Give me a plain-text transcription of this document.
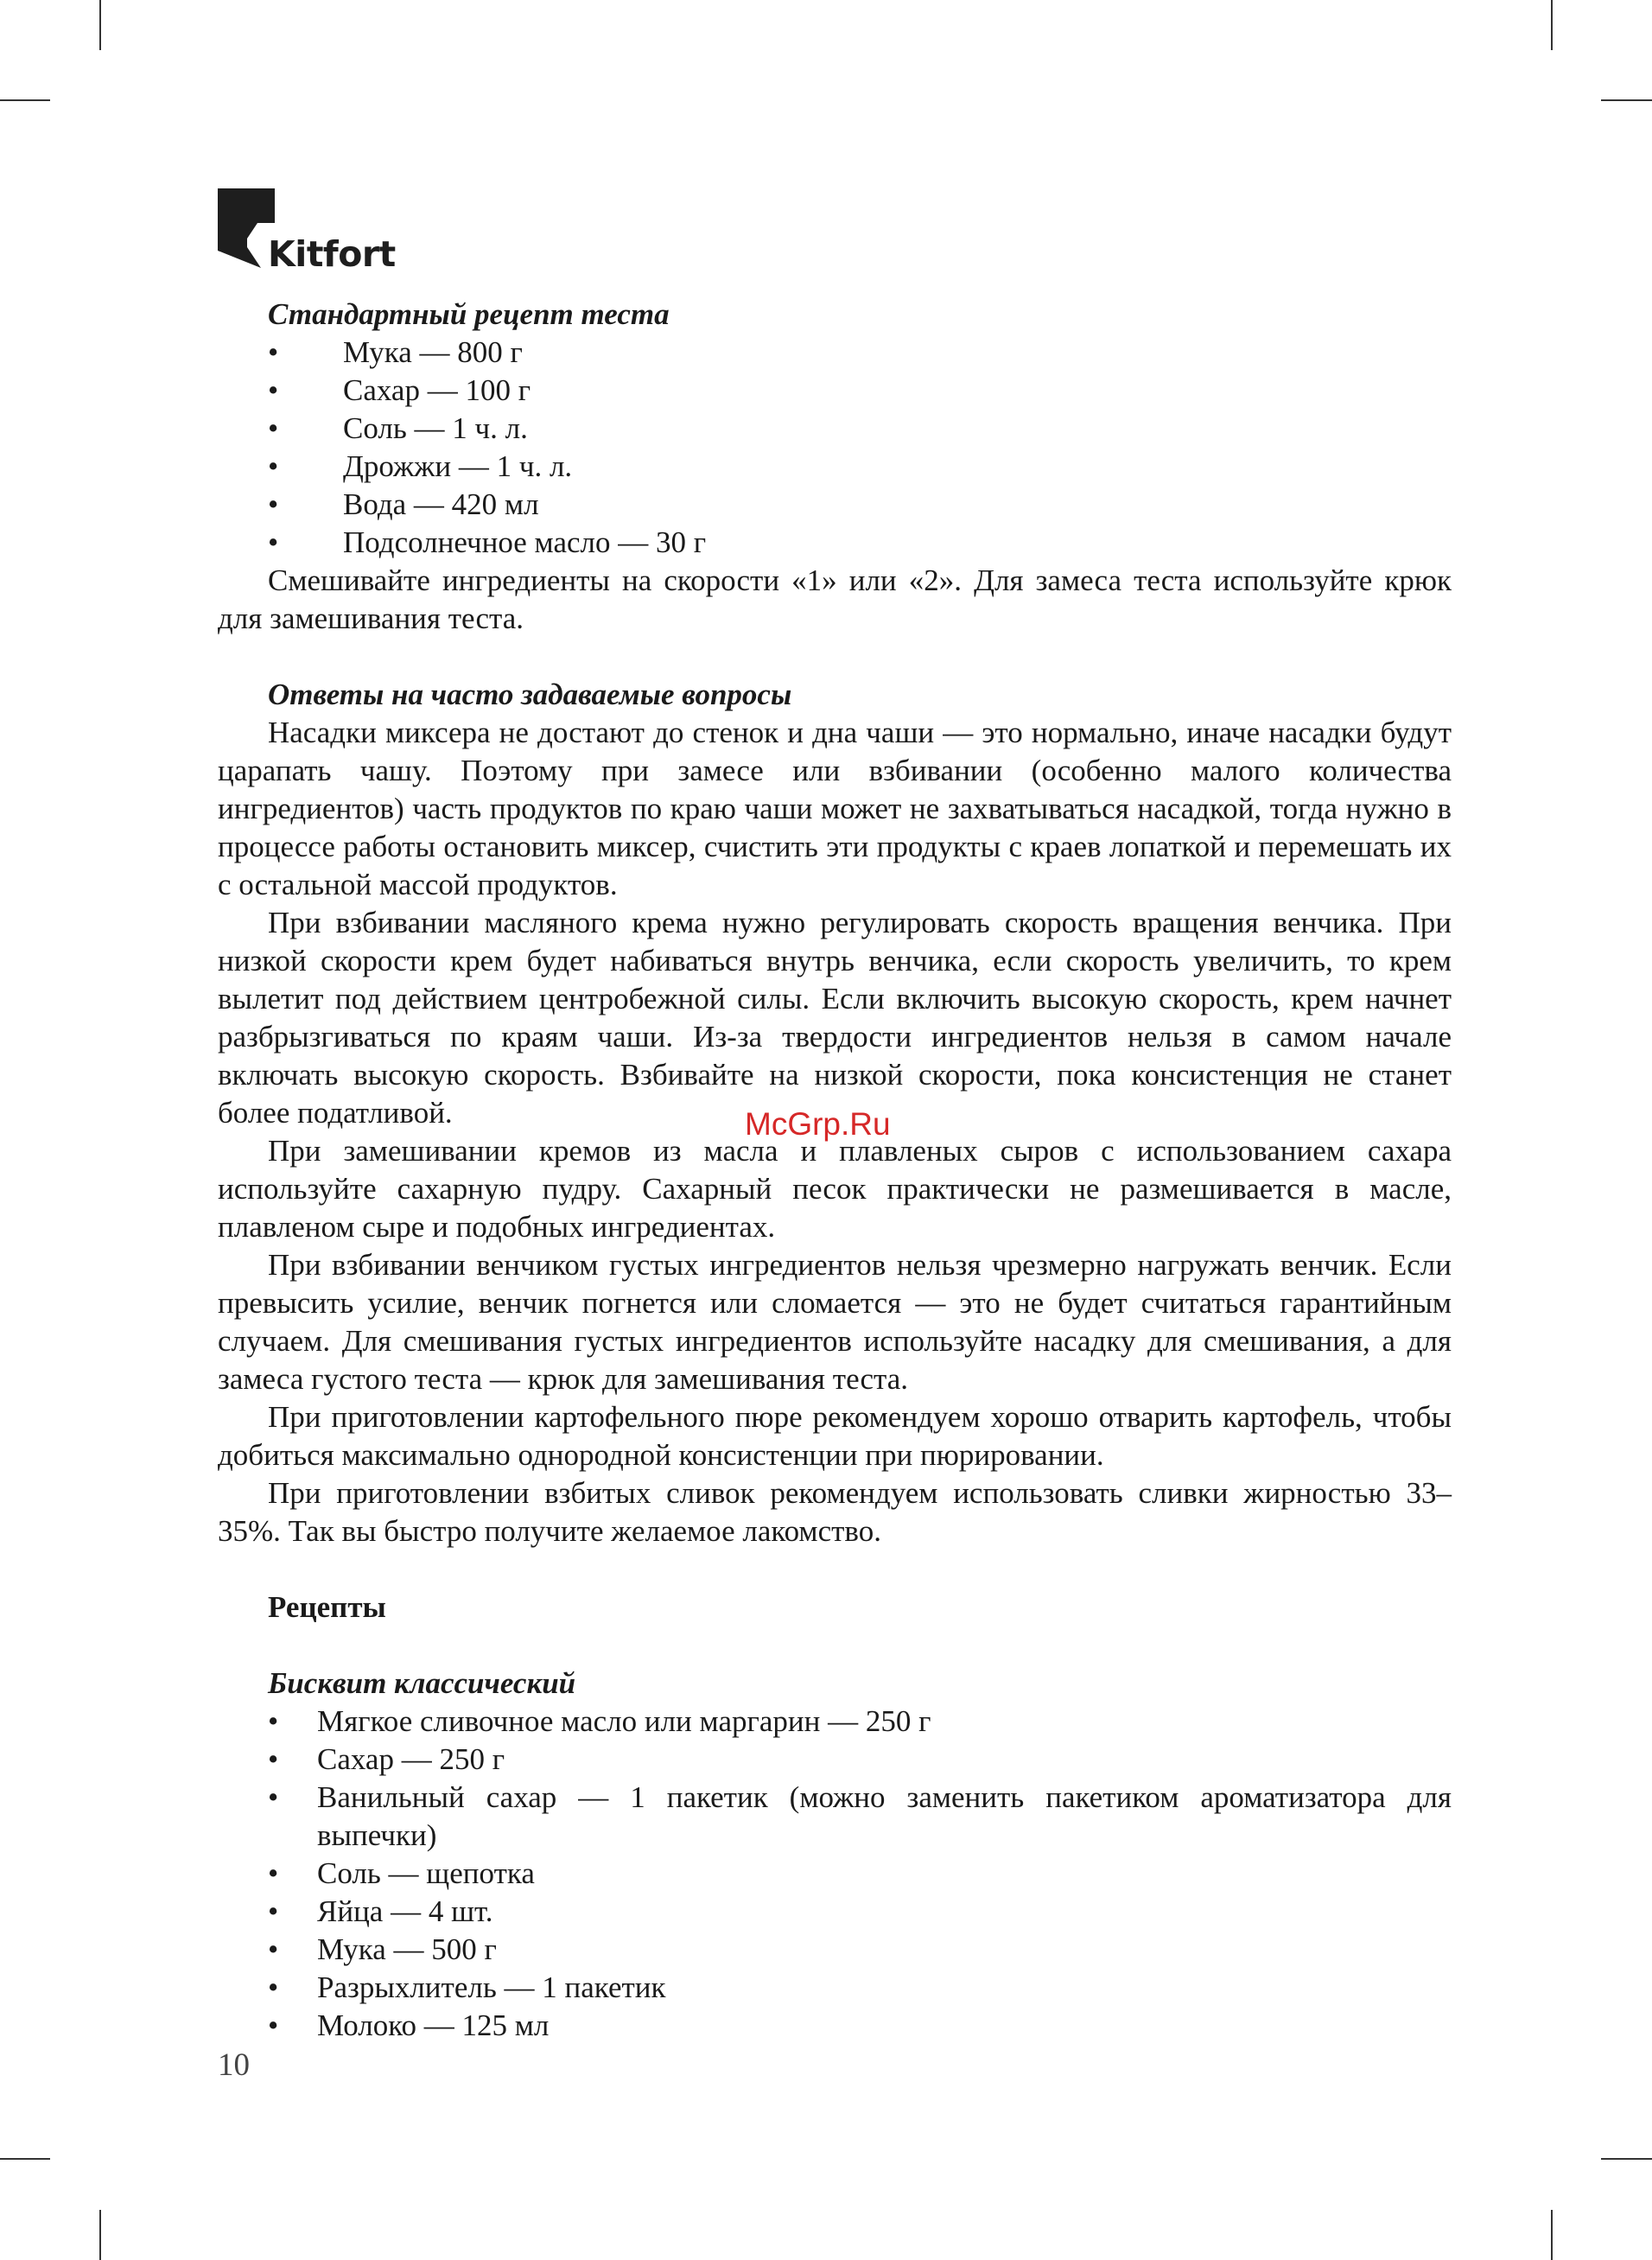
Kitfort
Стандартный рецепт теста
• Мука — 800 г
• Сахар — 100 г
• Соль — 1 ч. л.
• Дрожжи — 1 ч. л.
• Вода — 420 мл
• Подсолнечное масло — 30 г

Смешивайте ингредиенты на скорости «1» или «2». Для замеса теста используйте крюк для замешивания теста.

Ответы на часто задаваемые вопросы

Насадки миксера не достают до стенок и дна чаши — это нормально, иначе насадки будут царапать чашу. Поэтому при замесе или взбивании (особенно малого количества ингредиентов) часть продуктов по краю чаши может не захватываться насадкой, тогда нужно в процессе работы остановить миксер, счистить эти продукты с краев лопаткой и перемешать их с остальной массой продуктов.

При взбивании масляного крема нужно регулировать скорость вращения венчика. При низкой скорости крем будет набиваться внутрь венчика, если скорость увеличить, то крем вылетит под действием центробежной силы. Если включить высокую скорость, крем начнет разбрызгиваться по краям чаши. Из-за твердости ингредиентов нельзя в самом начале включать высокую скорость. Взбивайте на низкой скорости, пока консистенция не станет более податливой.

При замешивании кремов из масла и плавленых сыров с использованием сахара используйте сахарную пудру. Сахарный песок практически не размешивается в масле, плавленом сыре и подобных ингредиентах.

При взбивании венчиком густых ингредиентов нельзя чрезмерно нагружать венчик. Если превысить усилие, венчик погнется или сломается — это не будет считаться гарантийным случаем. Для смешивания густых ингредиентов используйте насадку для смешивания, а для замеса густого теста — крюк для замешивания теста.

При приготовлении картофельного пюре рекомендуем хорошо отварить картофель, чтобы добиться максимально однородной консистенции при пюрировании.

При приготовлении взбитых сливок рекомендуем использовать сливки жирностью 33–35%. Так вы быстро получите желаемое лакомство.

Рецепты
Бисквит классический
• Мягкое сливочное масло или маргарин — 250 г
• Сахар — 250 г
• Ванильный сахар — 1 пакетик (можно заменить пакетиком ароматизатора для выпечки)
• Соль — щепотка
• Яйца — 4 шт.
• Мука — 500 г
• Разрыхлитель — 1 пакетик
• Молоко — 125 мл
McGrp.Ru
10
